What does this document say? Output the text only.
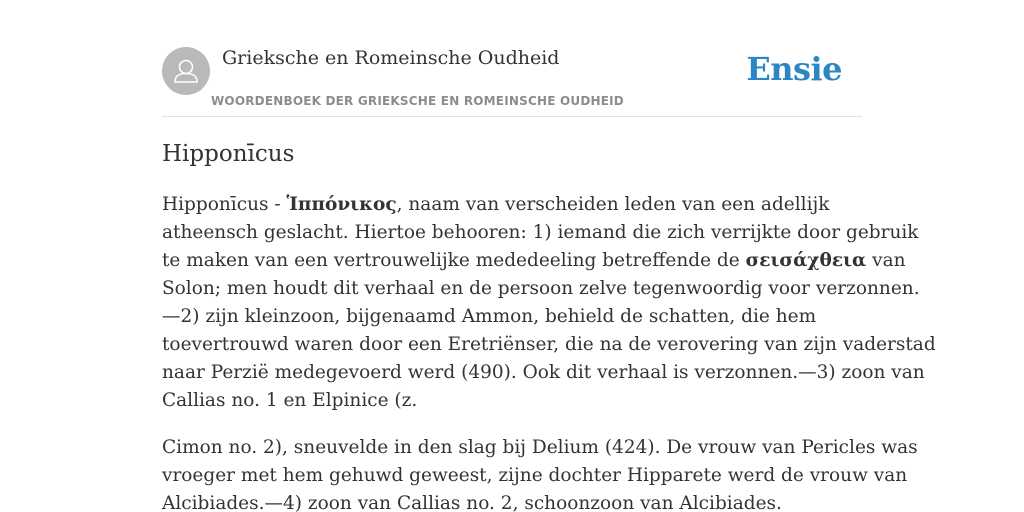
Grieksche en Romeinsche Oudheid
WOORDENBOEK DER GRIEKSCHE EN ROMEINSCHE OUDHEID
Ensie
Hipponīcus

Hipponīcus - Ἱππόνικος, naam van verscheiden leden van een adellijk
atheensch geslacht. Hiertoe behooren: 1) iemand die zich verrijkte door gebruik
te maken van een vertrouwelijke mededeeling betreffende de σεισάχθεια van
Solon; men houdt dit verhaal en de persoon zelve tegenwoordig voor verzonnen.
—2) zijn kleinzoon, bijgenaamd Ammon, behield de schatten, die hem
toevertrouwd waren door een Eretriënser, die na de verovering van zijn vaderstad
naar Perzië medegevoerd werd (490). Ook dit verhaal is verzonnen.—3) zoon van
Callias no. 1 en Elpinice (z.

Cimon no. 2), sneuvelde in den slag bij Delium (424). De vrouw van Pericles was
vroeger met hem gehuwd geweest, zijne dochter Hipparete werd de vrouw van
Alcibiades.—4) zoon van Callias no. 2, schoonzoon van Alcibiades.
